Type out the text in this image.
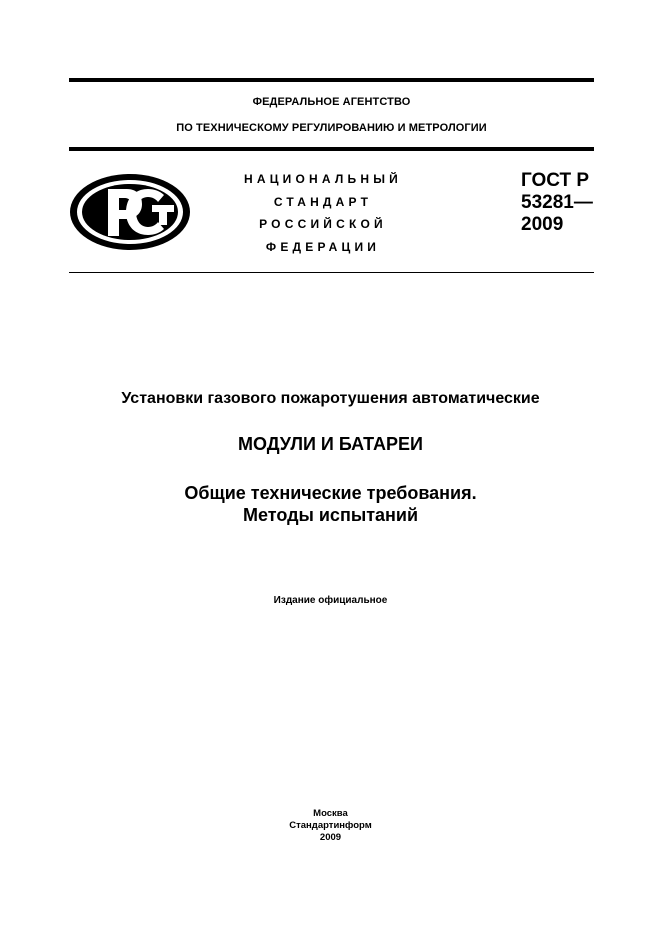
ФЕДЕРАЛЬНОЕ АГЕНТСТВО
ПО ТЕХНИЧЕСКОМУ РЕГУЛИРОВАНИЮ И МЕТРОЛОГИИ
НАЦИОНАЛЬНЫЙ
СТАНДАРТ
РОССИЙСКОЙ
ФЕДЕРАЦИИ
ГОСТ Р
53281—
2009
Установки газового пожаротушения автоматические
МОДУЛИ И БАТАРЕИ
Общие технические требования.
Методы испытаний
Издание официальное
Москва
Стандартинформ
2009
